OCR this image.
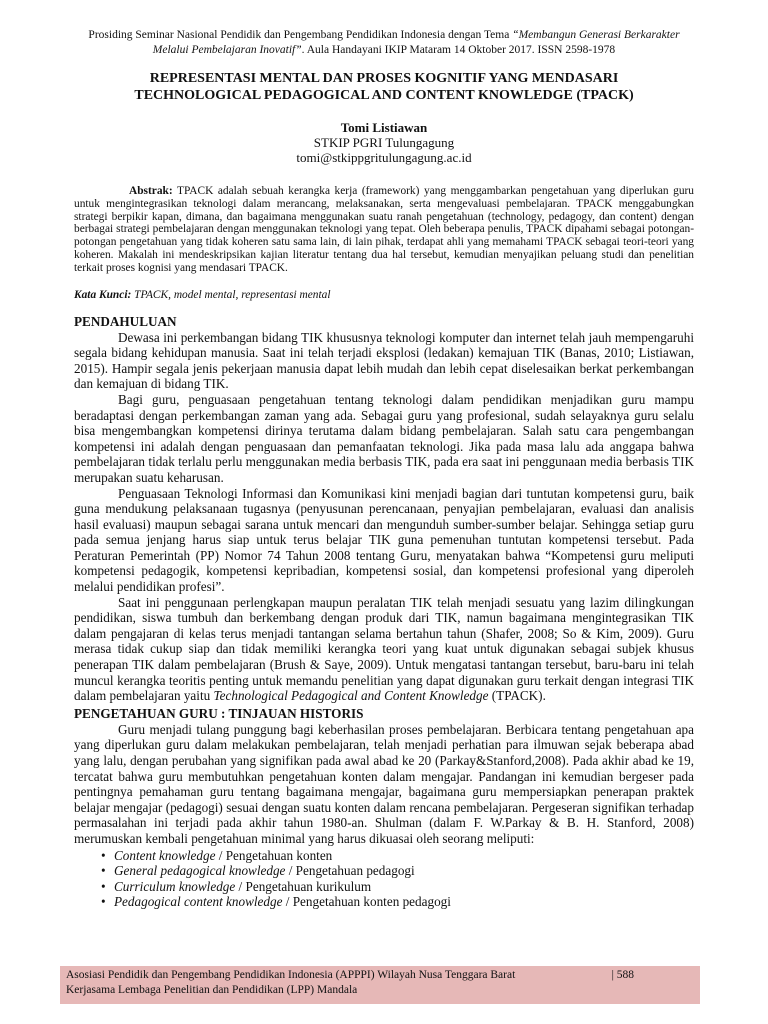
Prosiding Seminar Nasional Pendidik dan Pengembang Pendidikan Indonesia dengan Tema “Membangun Generasi Berkarakter Melalui Pembelajaran Inovatif”. Aula Handayani IKIP Mataram 14 Oktober 2017. ISSN 2598-1978
REPRESENTASI MENTAL DAN PROSES KOGNITIF YANG MENDASARI
TECHNOLOGICAL PEDAGOGICAL AND CONTENT KNOWLEDGE (TPACK)
Tomi Listiawan
STKIP PGRI Tulungagung
tomi@stkippgritulungagung.ac.id
Abstrak: TPACK adalah sebuah kerangka kerja (framework) yang menggambarkan pengetahuan yang diperlukan guru untuk mengintegrasikan teknologi dalam merancang, melaksanakan, serta mengevaluasi pembelajaran. TPACK menggabungkan strategi berpikir kapan, dimana, dan bagaimana menggunakan suatu ranah pengetahuan (technology, pedagogy, dan content) dengan berbagai strategi pembelajaran dengan menggunakan teknologi yang tepat. Oleh beberapa penulis, TPACK dipahami sebagai potongan-potongan pengetahuan yang tidak koheren satu sama lain, di lain pihak, terdapat ahli yang memahami TPACK sebagai teori-teori yang koheren. Makalah ini mendeskripsikan kajian literatur tentang dua hal tersebut, kemudian menyajikan peluang studi dan penelitian terkait proses kognisi yang mendasari TPACK.
Kata Kunci: TPACK, model mental, representasi mental
PENDAHULUAN

Dewasa ini perkembangan bidang TIK khususnya teknologi komputer dan internet telah jauh mempengaruhi segala bidang kehidupan manusia. Saat ini telah terjadi eksplosi (ledakan) kemajuan TIK (Banas, 2010; Listiawan, 2015). Hampir segala jenis pekerjaan manusia dapat lebih mudah dan lebih cepat diselesaikan berkat perkembangan dan kemajuan di bidang TIK.

Bagi guru, penguasaan pengetahuan tentang teknologi dalam pendidikan menjadikan guru mampu beradaptasi dengan perkembangan zaman yang ada. Sebagai guru yang profesional, sudah selayaknya guru selalu bisa mengembangkan kompetensi dirinya terutama dalam bidang pembelajaran. Salah satu cara pengembangan kompetensi ini adalah dengan penguasaan dan pemanfaatan teknologi. Jika pada masa lalu ada anggapa bahwa pembelajaran tidak terlalu perlu menggunakan media berbasis TIK, pada era saat ini penggunaan media berbasis TIK merupakan suatu keharusan.

Penguasaan Teknologi Informasi dan Komunikasi kini menjadi bagian dari tuntutan kompetensi guru, baik guna mendukung pelaksanaan tugasnya (penyusunan perencanaan, penyajian pembelajaran, evaluasi dan analisis hasil evaluasi) maupun sebagai sarana untuk mencari dan mengunduh sumber-sumber belajar. Sehingga setiap guru pada semua jenjang harus siap untuk terus belajar TIK guna pemenuhan tuntutan kompetensi tersebut. Pada Peraturan Pemerintah (PP) Nomor 74 Tahun 2008 tentang Guru, menyatakan bahwa “Kompetensi guru meliputi kompetensi pedagogik, kompetensi kepribadian, kompetensi sosial, dan kompetensi profesional yang diperoleh melalui pendidikan profesi”.

Saat ini penggunaan perlengkapan maupun peralatan TIK telah menjadi sesuatu yang lazim dilingkungan pendidikan, siswa tumbuh dan berkembang dengan produk dari TIK, namun bagaimana mengintegrasikan TIK dalam pengajaran di kelas terus menjadi tantangan selama bertahun tahun (Shafer, 2008; So & Kim, 2009). Guru merasa tidak cukup siap dan tidak memiliki kerangka teori yang kuat untuk digunakan sebagai subjek khusus penerapan TIK dalam pembelajaran (Brush & Saye, 2009). Untuk mengatasi tantangan tersebut, baru-baru ini telah muncul kerangka teoritis penting untuk memandu penelitian yang dapat digunakan guru terkait dengan integrasi TIK dalam pembelajaran yaitu Technological Pedagogical and Content Knowledge (TPACK).

PENGETAHUAN GURU : TINJAUAN HISTORIS

Guru menjadi tulang punggung bagi keberhasilan proses pembelajaran. Berbicara tentang pengetahuan apa yang diperlukan guru dalam melakukan pembelajaran, telah menjadi perhatian para ilmuwan sejak beberapa abad yang lalu, dengan perubahan yang signifikan pada awal abad ke 20 (Parkay&Stanford,2008). Pada akhir abad ke 19, tercatat bahwa guru membutuhkan pengetahuan konten dalam mengajar. Pandangan ini kemudian bergeser pada pentingnya pemahaman guru tentang bagaimana mengajar, bagaimana guru mempersiapkan penerapan praktek belajar mengajar (pedagogi) sesuai dengan suatu konten dalam rencana pembelajaran. Pergeseran signifikan terhadap permasalahan ini terjadi pada akhir tahun 1980-an. Shulman (dalam F. W.Parkay & B. H. Stanford, 2008) merumuskan kembali pengetahuan minimal yang harus dikuasai oleh seorang meliputi:

• Content knowledge / Pengetahuan konten
• General pedagogical knowledge / Pengetahuan pedagogi
• Curriculum knowledge / Pengetahuan kurikulum
• Pedagogical content knowledge / Pengetahuan konten pedagogi
Asosiasi Pendidik dan Pengembang Pendidikan Indonesia (APPPI) Wilayah Nusa Tenggara Barat	| 588
Kerjasama Lembaga Penelitian dan Pendidikan (LPP) Mandala
